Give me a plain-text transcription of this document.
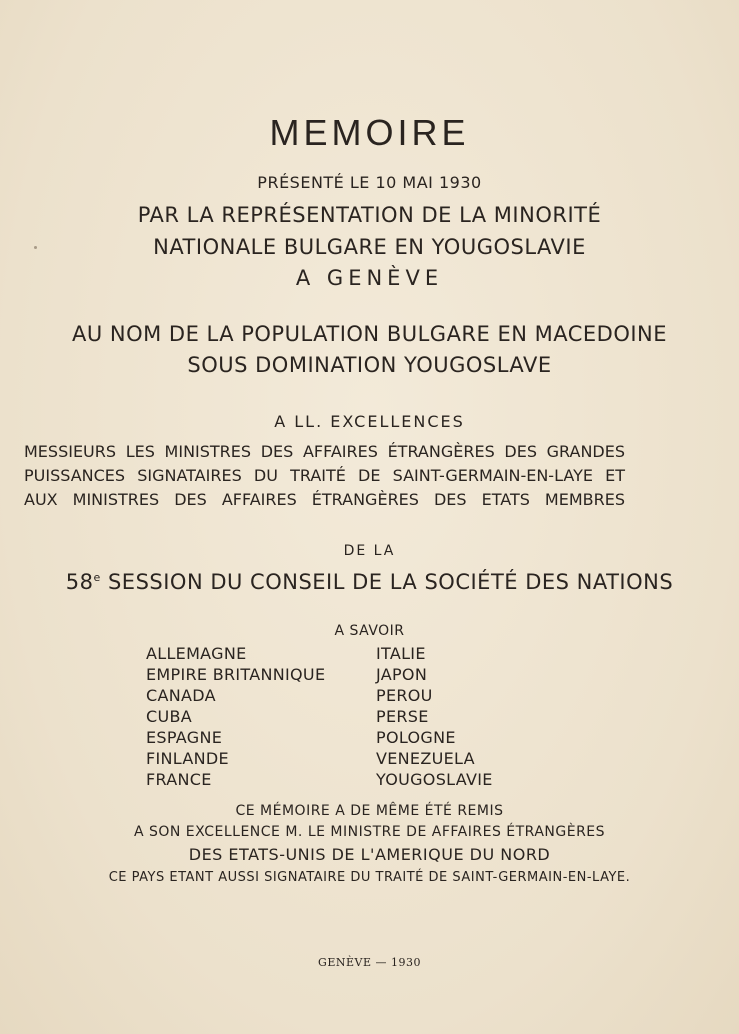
MEMOIRE
PRÉSENTÉ LE 10 MAI 1930
PAR LA REPRÉSENTATION DE LA MINORITÉ
NATIONALE BULGARE EN YOUGOSLAVIE
A GENÈVE
AU NOM DE LA POPULATION BULGARE EN MACEDOINE
SOUS DOMINATION YOUGOSLAVE
A LL. EXCELLENCES
MESSIEURS LES MINISTRES DES AFFAIRES ÉTRANGÈRES DES GRANDES
PUISSANCES SIGNATAIRES DU TRAITÉ DE SAINT-GERMAIN-EN-LAYE ET
AUX MINISTRES DES AFFAIRES ÉTRANGÈRES DES ETATS MEMBRES
DE LA
58e SESSION DU CONSEIL DE LA SOCIÉTÉ DES NATIONS
A SAVOIR
ALLEMAGNE
EMPIRE BRITANNIQUE
CANADA
CUBA
ESPAGNE
FINLANDE
FRANCE
ITALIE
JAPON
PEROU
PERSE
POLOGNE
VENEZUELA
YOUGOSLAVIE
CE MÉMOIRE A DE MÊME ÉTÉ REMIS
A SON EXCELLENCE M. LE MINISTRE DE AFFAIRES ÉTRANGÈRES
DES ETATS-UNIS DE L'AMERIQUE DU NORD
CE PAYS ETANT AUSSI SIGNATAIRE DU TRAITÉ DE SAINT-GERMAIN-EN-LAYE.
GENÈVE — 1930
